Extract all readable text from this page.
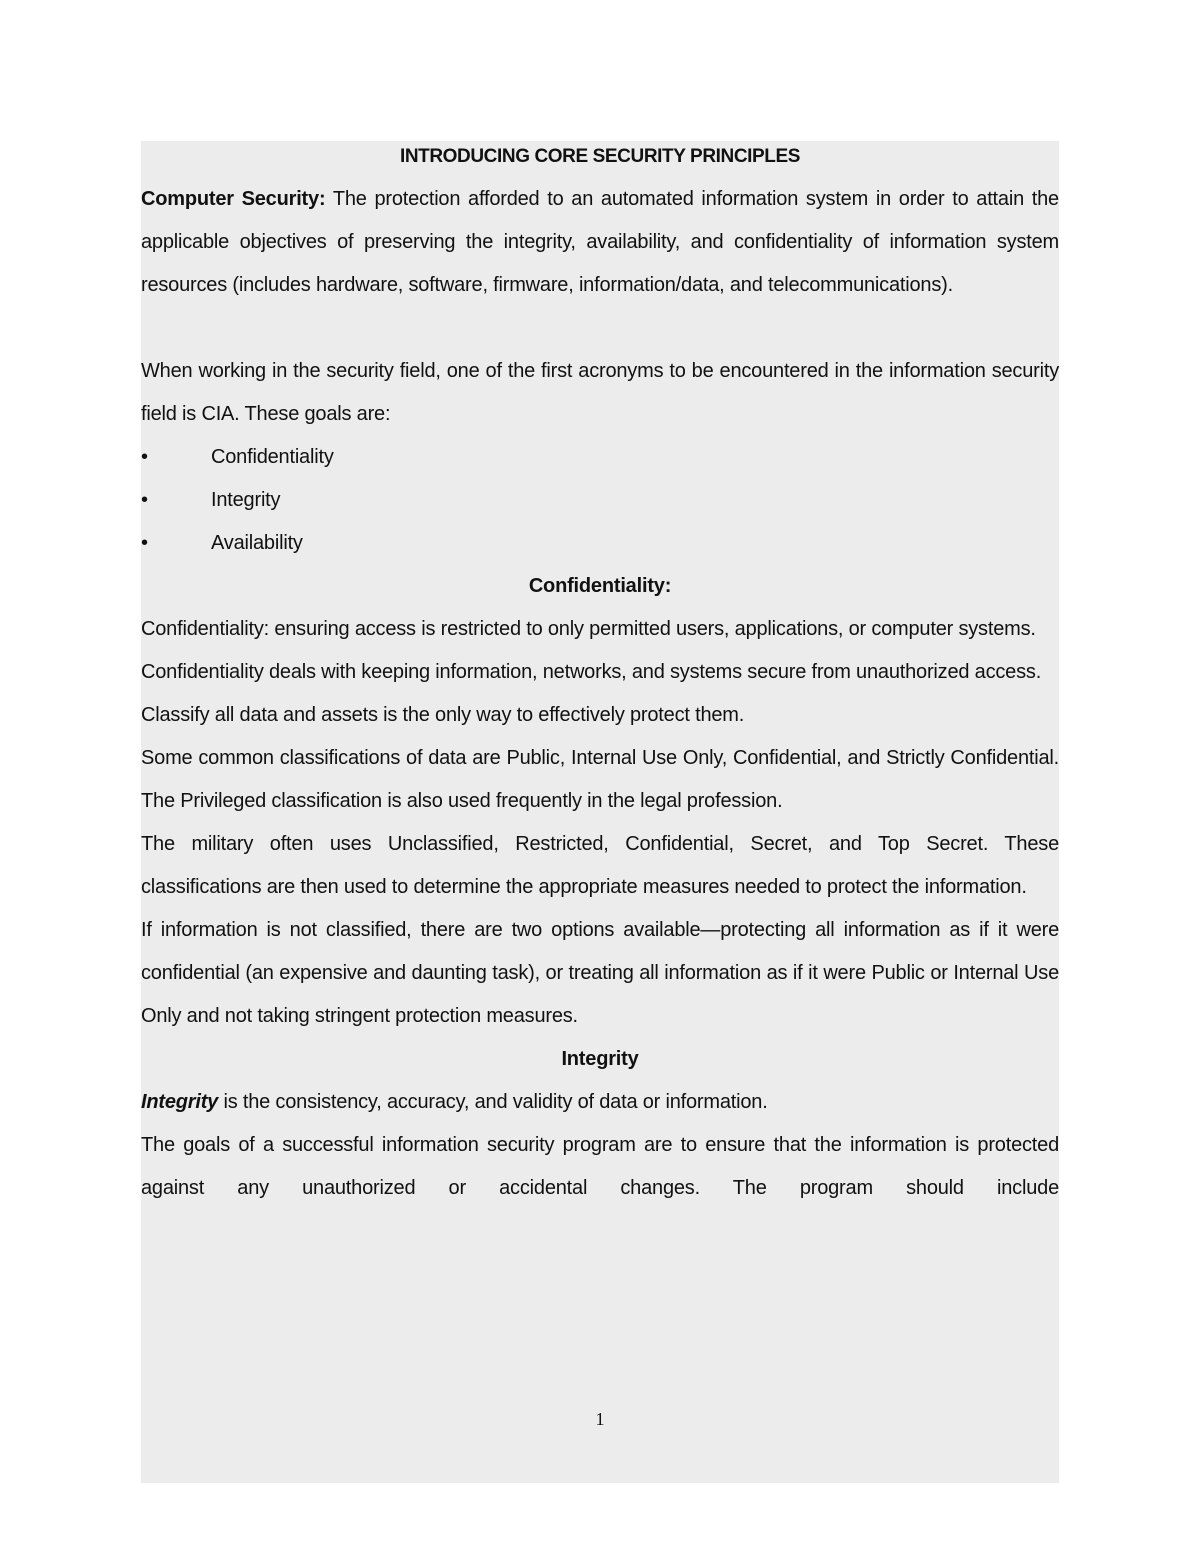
INTRODUCING CORE SECURITY PRINCIPLES

Computer Security: The protection afforded to an automated information system in order to attain the applicable objectives of preserving the integrity, availability, and confidentiality of information system resources (includes hardware, software, firmware, information/data, and telecommunications).

When working in the security field, one of the first acronyms to be encountered in the information security field is CIA. These goals are:

•	Confidentiality
•	Integrity
•	Availability

Confidentiality:

Confidentiality: ensuring access is restricted to only permitted users, applications, or computer systems.

Confidentiality deals with keeping information, networks, and systems secure from unauthorized access.

Classify all data and assets is the only way to effectively protect them.

Some common classifications of data are Public, Internal Use Only, Confidential, and Strictly Confidential. The Privileged classification is also used frequently in the legal profession.

The military often uses Unclassified, Restricted, Confidential, Secret, and Top Secret. These classifications are then used to determine the appropriate measures needed to protect the information.

If information is not classified, there are two options available—protecting all information as if it were confidential (an expensive and daunting task), or treating all information as if it were Public or Internal Use Only and not taking stringent protection measures.

Integrity

Integrity is the consistency, accuracy, and validity of data or information.

The goals of a successful information security program are to ensure that the information is protected against any unauthorized or accidental changes. The program should include

1
